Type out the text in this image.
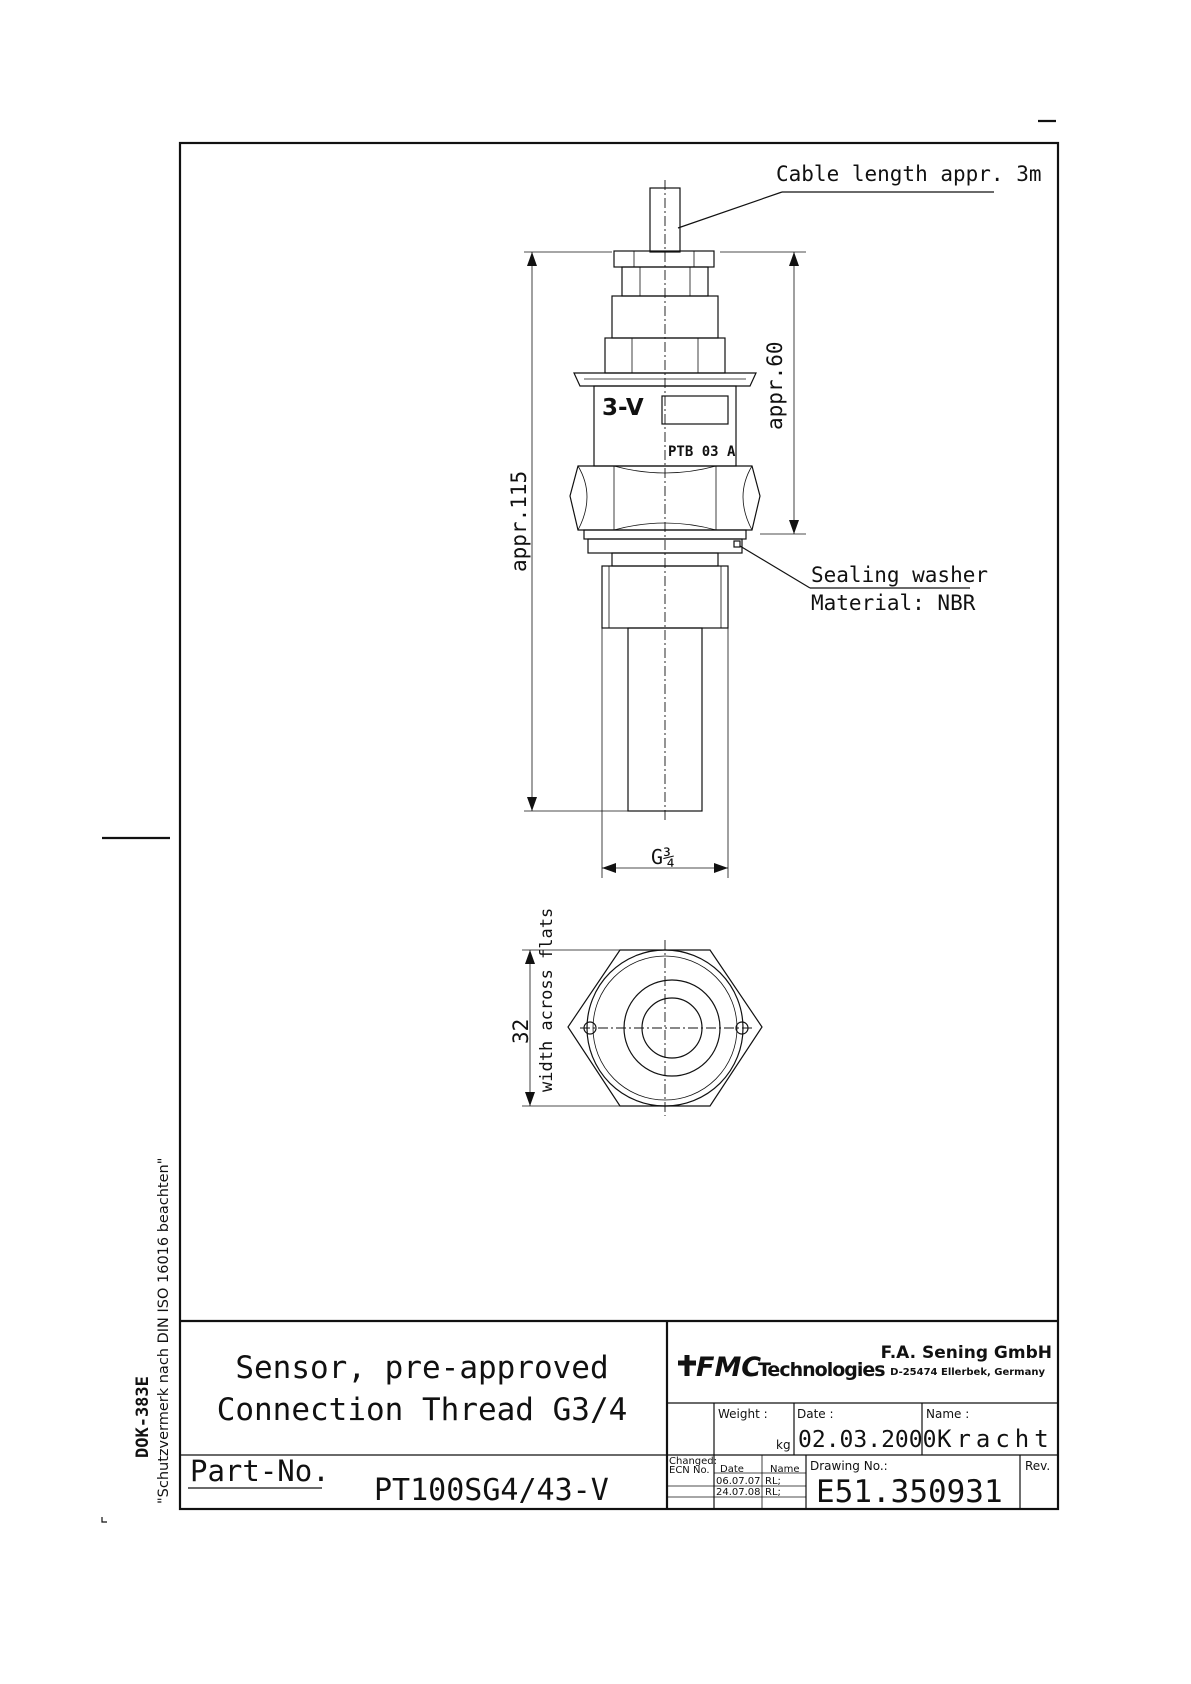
Cable length appr. 3m
3-V
PTB 03 A
appr.60
appr.115
Sealing washer
Material: NBR
G¾
32 width across flats
DOK-383E "Schutzvermerk nach DIN ISO 16016 beachten" Sensor, pre-approved
Connection Thread G3/4
Part-No.
PT100SG4/43-V
FMC
Technologies
F.A. Sening GmbH
D-25474 Ellerbek, Germany
Weight :
kg
Date :
02.03.2000
Name :
Kracht
Changed:
ECN No. Date	Name
06.07.07 RL;
24.07.08 RL;
Drawing No.:
E51.350931
Rev.
